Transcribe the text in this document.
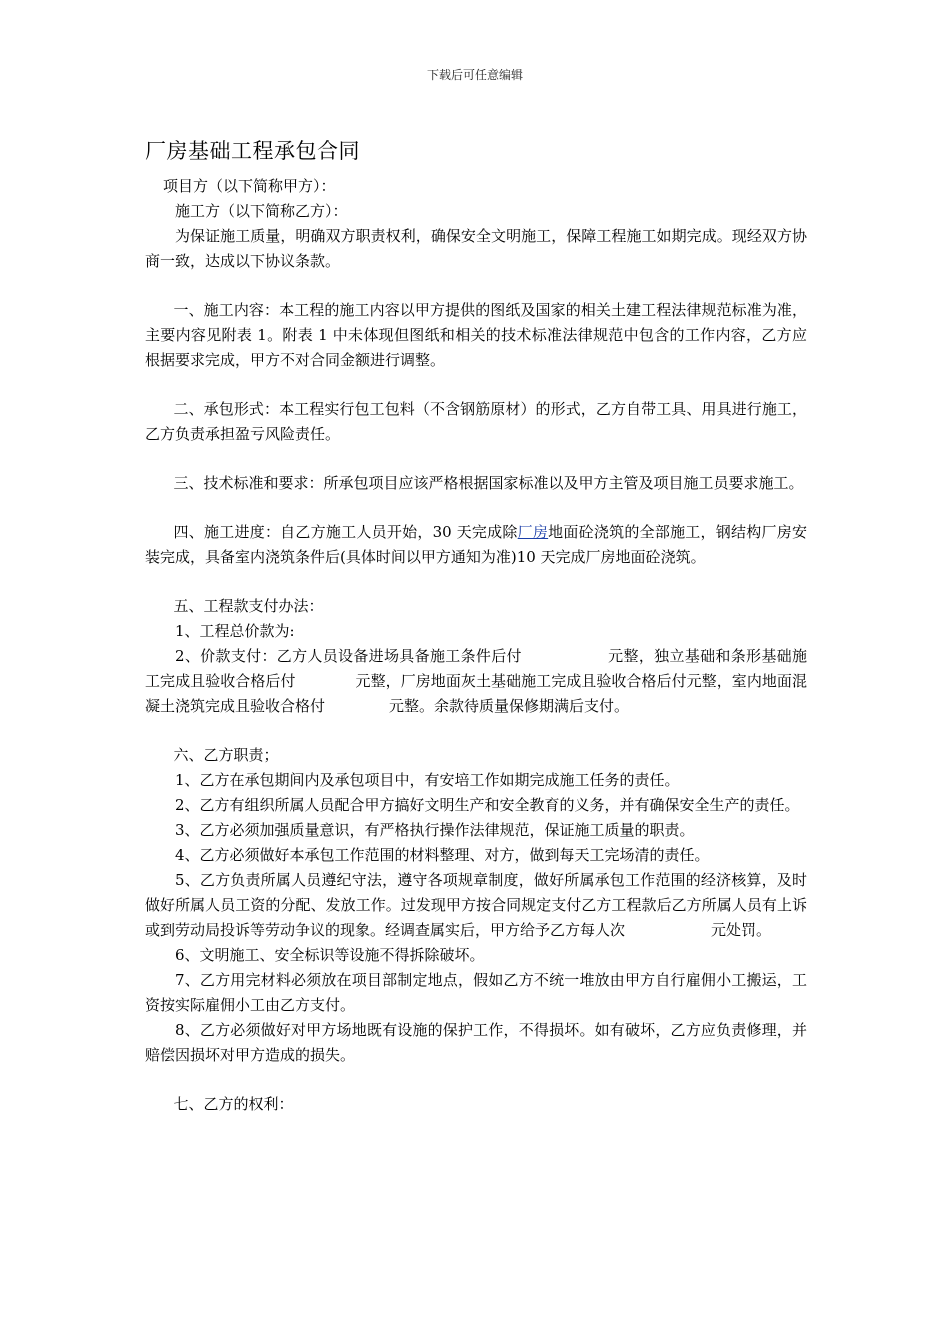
下载后可任意编辑
厂房基础工程承包合同

项目方（以下简称甲方）：

施工方（以下简称乙方）：

为保证施工质量，明确双方职责权利，确保安全文明施工，保障工程施工如期完成。现经双方协商一致，达成以下协议条款。

一、施工内容：本工程的施工内容以甲方提供的图纸及国家的相关土建工程法律规范标准为准，主要内容见附表 1。附表 1 中未体现但图纸和相关的技术标准法律规范中包含的工作内容，乙方应根据要求完成，甲方不对合同金额进行调整。

二、承包形式：本工程实行包工包料（不含钢筋原材）的形式，乙方自带工具、用具进行施工，乙方负责承担盈亏风险责任。

三、技术标准和要求：所承包项目应该严格根据国家标准以及甲方主管及项目施工员要求施工。

四、施工进度：自乙方施工人员开始，30 天完成除厂房地面砼浇筑的全部施工，钢结构厂房安装完成，具备室内浇筑条件后(具体时间以甲方通知为准)10 天完成厂房地面砼浇筑。

五、工程款支付办法：

1、工程总价款为:

2、价款支付：乙方人员设备进场具备施工条件后付	元整，独立基础和条形基础施工完成且验收合格后付	元整，厂房地面灰土基础施工完成且验收合格后付元整，室内地面混凝土浇筑完成且验收合格付	元整。余款待质量保修期满后支付。

六、乙方职责；

1、乙方在承包期间内及承包项目中，有安培工作如期完成施工任务的责任。

2、乙方有组织所属人员配合甲方搞好文明生产和安全教育的义务，并有确保安全生产的责任。

3、乙方必须加强质量意识，有严格执行操作法律规范，保证施工质量的职责。

4、乙方必须做好本承包工作范围的材料整理、对方，做到每天工完场清的责任。

5、乙方负责所属人员遵纪守法，遵守各项规章制度，做好所属承包工作范围的经济核算，及时做好所属人员工资的分配、发放工作。过发现甲方按合同规定支付乙方工程款后乙方所属人员有上诉或到劳动局投诉等劳动争议的现象。经调查属实后，甲方给予乙方每人次	元处罚。

6、文明施工、安全标识等设施不得拆除破坏。

7、乙方用完材料必须放在项目部制定地点，假如乙方不统一堆放由甲方自行雇佣小工搬运，工资按实际雇佣小工由乙方支付。

8、乙方必须做好对甲方场地既有设施的保护工作，不得损坏。如有破坏，乙方应负责修理，并赔偿因损坏对甲方造成的损失。

七、乙方的权利：
